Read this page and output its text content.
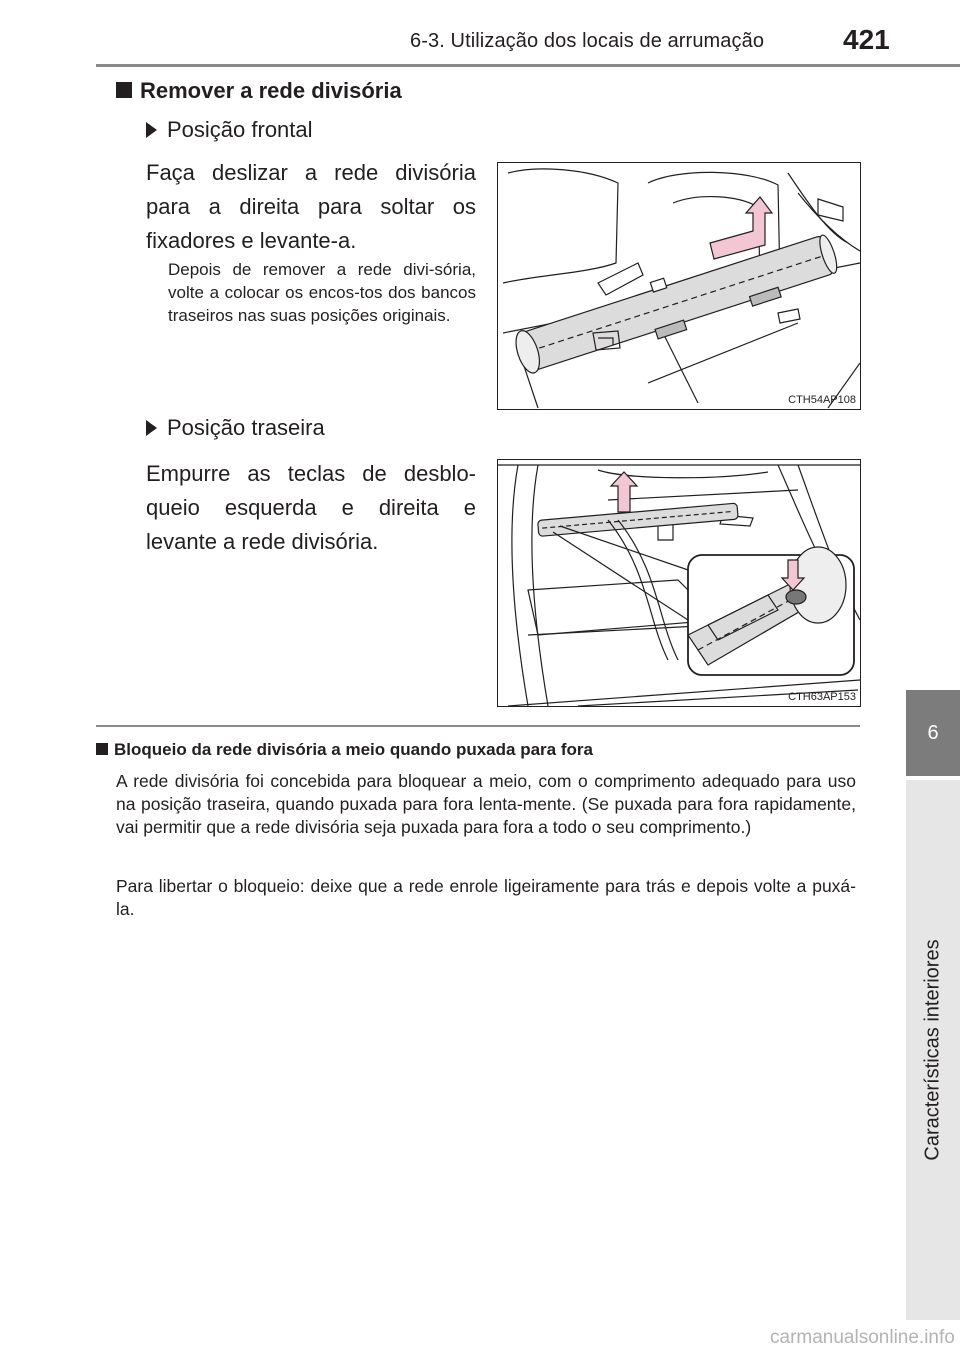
6-3. Utilização dos locais de arrumação	421
6
Características interiores
Remover a rede divisória
Posição frontal
Faça deslizar a rede divisória para a direita para soltar os fixadores e levante-a.
Depois de remover a rede divi-sória, volte a colocar os encos-tos dos bancos traseiros nas suas posições originais.
CTH54AP108
Posição traseira
Empurre as teclas de desblo-queio esquerda e direita e levante a rede divisória.
CTH63AP153
Bloqueio da rede divisória a meio quando puxada para fora
A rede divisória foi concebida para bloquear a meio, com o comprimento adequado para uso na posição traseira, quando puxada para fora lenta-mente. (Se puxada para fora rapidamente, vai permitir que a rede divisória seja puxada para fora a todo o seu comprimento.)
Para libertar o bloqueio: deixe que a rede enrole ligeiramente para trás e depois volte a puxá-la.
carmanualsonline.info
